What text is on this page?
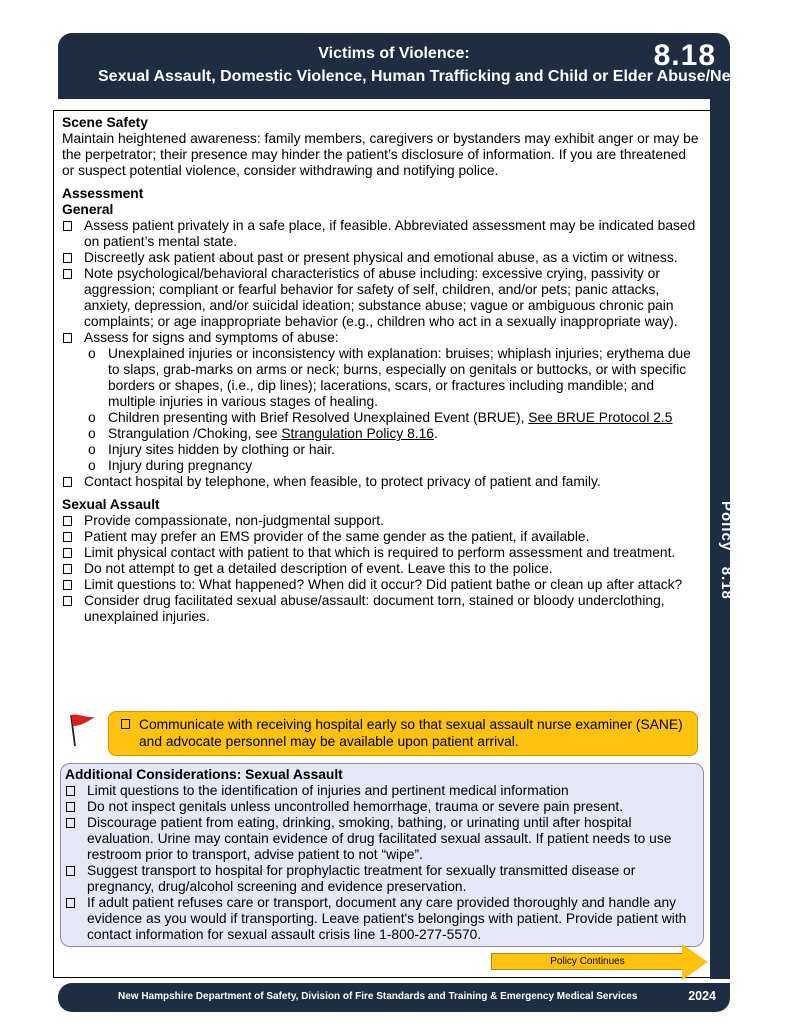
Victims of Violence:
Sexual Assault, Domestic Violence, Human Trafficking and Child or Elder Abuse/Neglect
8.18
Policy   8.18
Scene Safety
Maintain heightened awareness: family members, caregivers or bystanders may exhibit anger or may be the perpetrator; their presence may hinder the patient’s disclosure of information. If you are threatened or suspect potential violence, consider withdrawing and notifying police.
Assessment
General
Assess patient privately in a safe place, if feasible. Abbreviated assessment may be indicated based on patient’s mental state.
Discreetly ask patient about past or present physical and emotional abuse, as a victim or witness.
Note psychological/behavioral characteristics of abuse including: excessive crying, passivity or aggression; compliant or fearful behavior for safety of self, children, and/or pets; panic attacks, anxiety, depression, and/or suicidal ideation; substance abuse; vague or ambiguous chronic pain complaints; or age inappropriate behavior (e.g., children who act in a sexually inappropriate way).
Assess for signs and symptoms of abuse:
o Unexplained injuries or inconsistency with explanation: bruises; whiplash injuries; erythema due to slaps, grab-marks on arms or neck; burns, especially on genitals or buttocks, or with specific borders or shapes, (i.e., dip lines); lacerations, scars, or fractures including mandible; and multiple injuries in various stages of healing.
o Children presenting with Brief Resolved Unexplained Event (BRUE), See BRUE Protocol 2.5
o Strangulation /Choking, see Strangulation Policy 8.16.
o Injury sites hidden by clothing or hair.
o Injury during pregnancy
Contact hospital by telephone, when feasible, to protect privacy of patient and family.
Sexual Assault
Provide compassionate, non-judgmental support.
Patient may prefer an EMS provider of the same gender as the patient, if available.
Limit physical contact with patient to that which is required to perform assessment and treatment.
Do not attempt to get a detailed description of event. Leave this to the police.
Limit questions to: What happened? When did it occur? Did patient bathe or clean up after attack?
Consider drug facilitated sexual abuse/assault: document torn, stained or bloody underclothing, unexplained injuries.
Communicate with receiving hospital early so that sexual assault nurse examiner (SANE) and advocate personnel may be available upon patient arrival.
Additional Considerations: Sexual Assault
Limit questions to the identification of injuries and pertinent medical information
Do not inspect genitals unless uncontrolled hemorrhage, trauma or severe pain present.
Discourage patient from eating, drinking, smoking, bathing, or urinating until after hospital evaluation. Urine may contain evidence of drug facilitated sexual assault. If patient needs to use restroom prior to transport, advise patient to not “wipe”.
Suggest transport to hospital for prophylactic treatment for sexually transmitted disease or pregnancy, drug/alcohol screening and evidence preservation.
If adult patient refuses care or transport, document any care provided thoroughly and handle any evidence as you would if transporting. Leave patient's belongings with patient. Provide patient with contact information for sexual assault crisis line 1-800-277-5570.
Policy Continues
New Hampshire Department of Safety, Division of Fire Standards and Training & Emergency Medical Services	2024
